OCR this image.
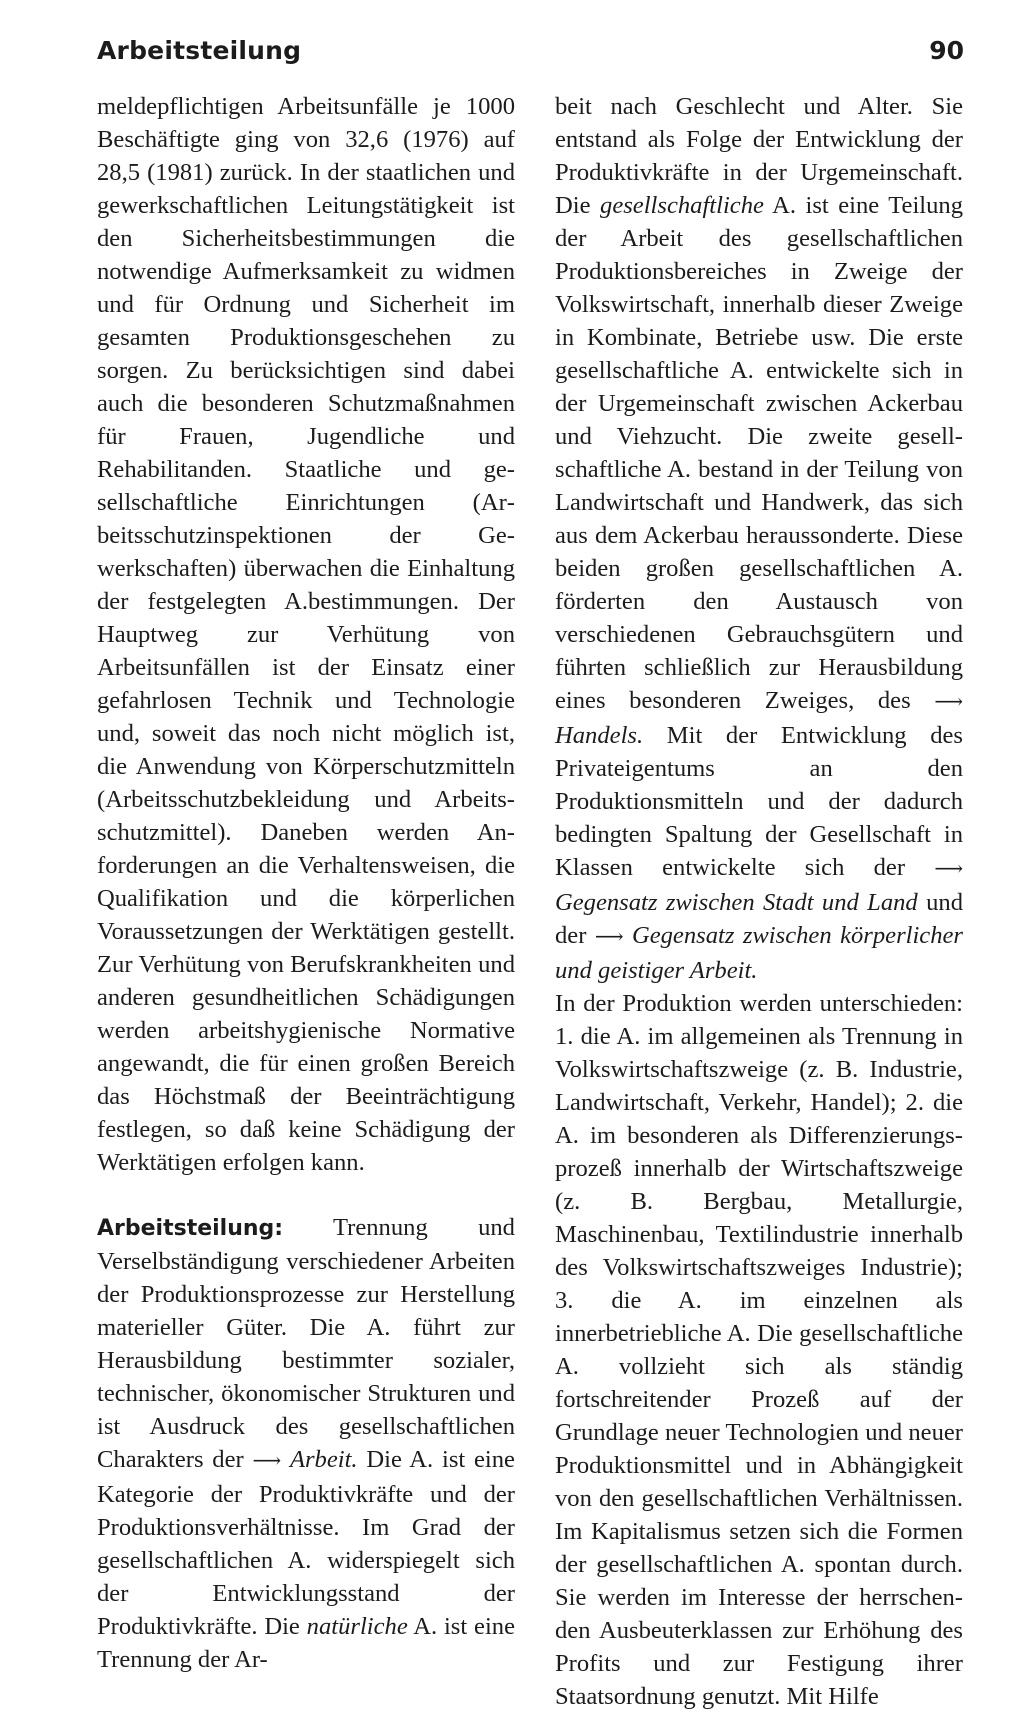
Arbeitsteilung	90

meldepflichtigen Arbeitsunfälle je 1000 Beschäftigte ging von 32,6 (1976) auf 28,5 (1981) zurück. In der staatlichen und gewerkschaftlichen Leitungstätigkeit ist den Sicherheitsbestimmungen die notwendige Aufmerksamkeit zu widmen und für Ordnung und Sicherheit im gesamten Produktionsgeschehen zu sorgen. Zu berücksichtigen sind dabei auch die besonderen Schutzmaßnahmen für Frauen, Jugendliche und Rehabilitanden. Staatliche und gesellschaftliche Einrichtungen (Arbeitsschutzinspektionen der Gewerkschaften) überwachen die Einhaltung der festgelegten A.bestimmungen. Der Hauptweg zur Verhütung von Arbeitsunfällen ist der Einsatz einer gefahrlosen Technik und Technologie und, soweit das noch nicht möglich ist, die Anwendung von Körperschutzmitteln (Arbeitsschutzbekleidung und Arbeitsschutzmittel). Daneben werden Anforderungen an die Verhaltensweisen, die Qualifikation und die körperlichen Voraussetzungen der Werktätigen gestellt. Zur Verhütung von Berufskrankheiten und anderen gesundheitlichen Schädigungen werden arbeitshygienische Normative angewandt, die für einen großen Bereich das Höchstmaß der Beeinträchtigung festlegen, so daß keine Schädigung der Werktätigen erfolgen kann.

Arbeitsteilung: Trennung und Verselbständigung verschiedener Arbeiten der Produktionsprozesse zur Herstellung materieller Güter. Die A. führt zur Herausbildung bestimmter sozialer, technischer, ökonomischer Strukturen und ist Ausdruck des gesellschaftlichen Charakters der ⟶ Arbeit. Die A. ist eine Kategorie der Produktivkräfte und der Produktionsverhältnisse. Im Grad der gesellschaftlichen A. widerspiegelt sich der Entwicklungsstand der Produktivkräfte. Die natürliche A. ist eine Trennung der Ar-

beit nach Geschlecht und Alter. Sie entstand als Folge der Entwicklung der Produktivkräfte in der Urgemeinschaft. Die gesellschaftliche A. ist eine Teilung der Arbeit des gesellschaftlichen Produktionsbereiches in Zweige der Volkswirtschaft, innerhalb dieser Zweige in Kombinate, Betriebe usw. Die erste gesellschaftliche A. entwickelte sich in der Urgemeinschaft zwischen Ackerbau und Viehzucht. Die zweite gesellschaftliche A. bestand in der Teilung von Landwirtschaft und Handwerk, das sich aus dem Ackerbau heraussonderte. Diese beiden großen gesellschaftlichen A. förderten den Austausch von verschiedenen Gebrauchsgütern und führten schließlich zur Herausbildung eines besonderen Zweiges, des ⟶ Handels. Mit der Entwicklung des Privateigentums an den Produktionsmitteln und der dadurch bedingten Spaltung der Gesellschaft in Klassen entwickelte sich der ⟶ Gegensatz zwischen Stadt und Land und der ⟶ Gegensatz zwischen körperlicher und geistiger Arbeit.

In der Produktion werden unterschieden: 1. die A. im allgemeinen als Trennung in Volkswirtschaftszweige (z. B. Industrie, Landwirtschaft, Verkehr, Handel); 2. die A. im besonderen als Differenzierungsprozeß innerhalb der Wirtschaftszweige (z. B. Bergbau, Metallurgie, Maschinenbau, Textilindustrie innerhalb des Volkswirtschaftszweiges Industrie); 3. die A. im einzelnen als innerbetriebliche A. Die gesellschaftliche A. vollzieht sich als ständig fortschreitender Prozeß auf der Grundlage neuer Technologien und neuer Produktionsmittel und in Abhängigkeit von den gesellschaftlichen Verhältnissen. Im Kapitalismus setzen sich die Formen der gesellschaftlichen A. spontan durch. Sie werden im Interesse der herrschenden Ausbeuterklassen zur Erhöhung des Profits und zur Festigung ihrer Staatsordnung genutzt. Mit Hilfe
